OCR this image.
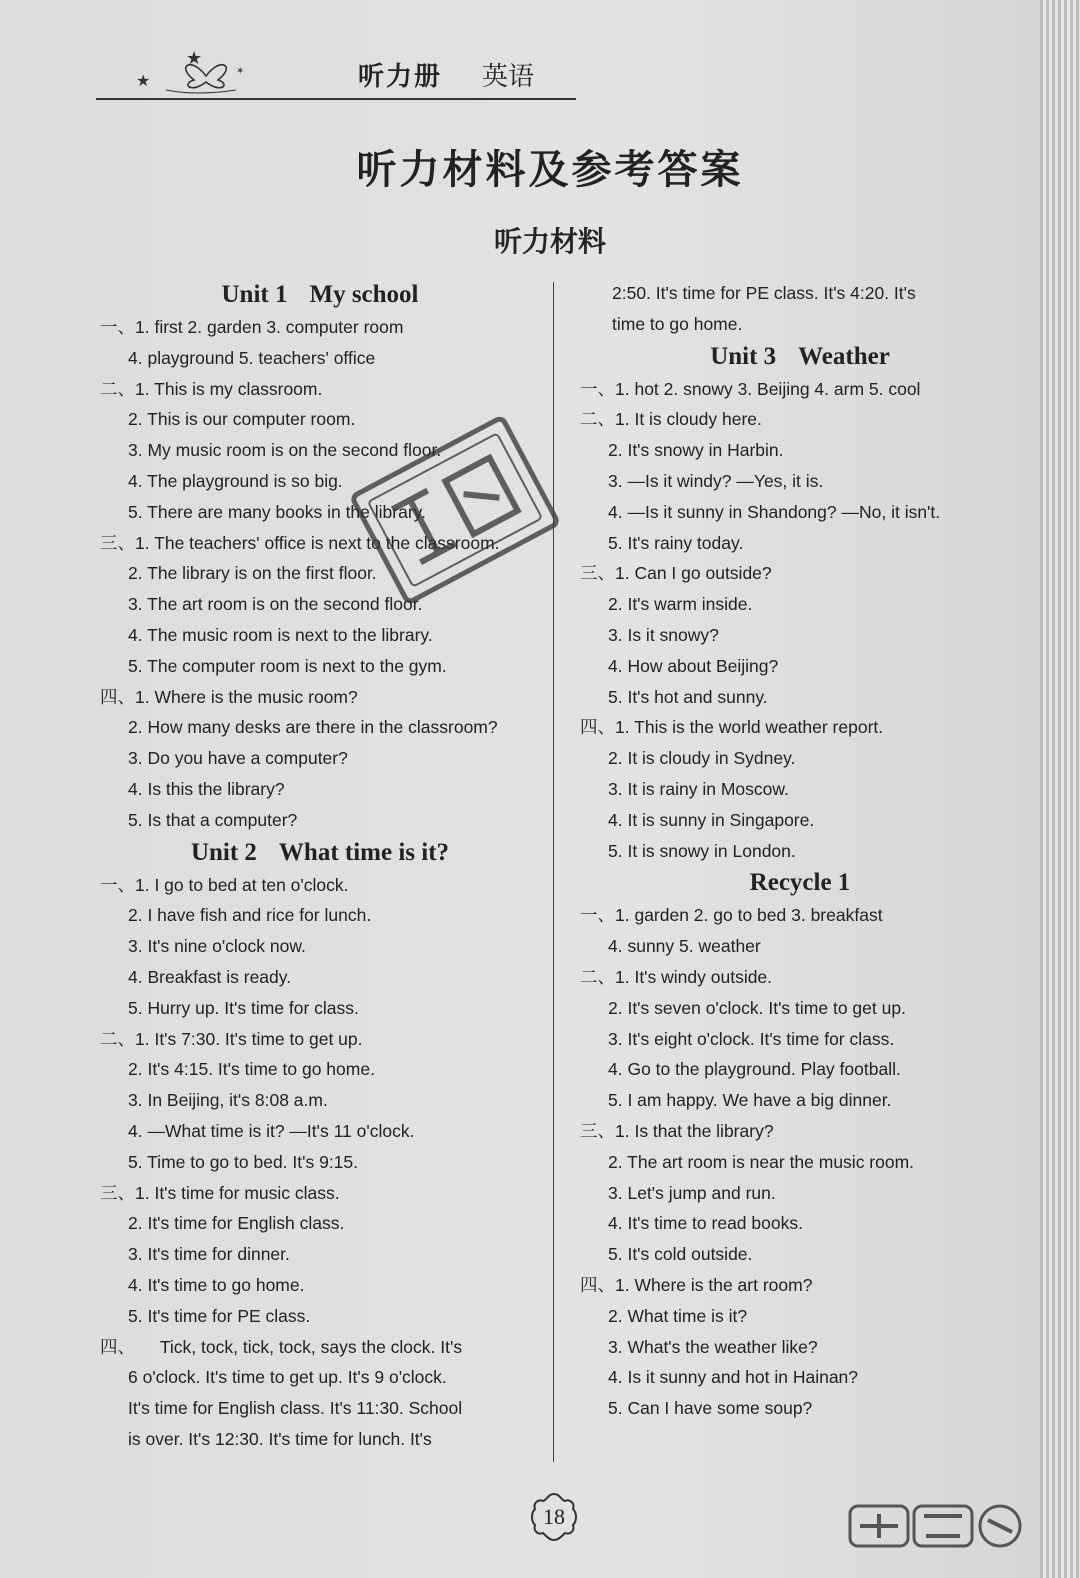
★
★
✶	听力册 英语
听力材料及参考答案
听力材料
Unit 1 My school
一、1. first 2. garden 3. computer room
4. playground 5. teachers' office
二、1. This is my classroom.
2. This is our computer room.
3. My music room is on the second floor.
4. The playground is so big.
5. There are many books in the library.
三、1. The teachers' office is next to the classroom.
2. The library is on the first floor.
3. The art room is on the second floor.
4. The music room is next to the library.
5. The computer room is next to the gym.
四、1. Where is the music room?
2. How many desks are there in the classroom?
3. Do you have a computer?
4. Is this the library?
5. Is that a computer?
Unit 2 What time is it?
一、1. I go to bed at ten o'clock.
2. I have fish and rice for lunch.
3. It's nine o'clock now.
4. Breakfast is ready.
5. Hurry up. It's time for class.
二、1. It's 7:30. It's time to get up.
2. It's 4:15. It's time to go home.
3. In Beijing, it's 8:08 a.m.
4. —What time is it? —It's 11 o'clock.
5. Time to go to bed. It's 9:15.
三、1. It's time for music class.
2. It's time for English class.
3. It's time for dinner.
4. It's time to go home.
5. It's time for PE class.
四、 Tick, tock, tick, tock, says the clock. It's
6 o'clock. It's time to get up. It's 9 o'clock.
It's time for English class. It's 11:30. School
is over. It's 12:30. It's time for lunch. It's
2:50. It's time for PE class. It's 4:20. It's
time to go home.
Unit 3 Weather
一、1. hot 2. snowy 3. Beijing 4. arm 5. cool
二、1. It is cloudy here.
2. It's snowy in Harbin.
3. —Is it windy? —Yes, it is.
4. —Is it sunny in Shandong? —No, it isn't.
5. It's rainy today.
三、1. Can I go outside?
2. It's warm inside.
3. Is it snowy?
4. How about Beijing?
5. It's hot and sunny.
四、1. This is the world weather report.
2. It is cloudy in Sydney.
3. It is rainy in Moscow.
4. It is sunny in Singapore.
5. It is snowy in London.
Recycle 1
一、1. garden 2. go to bed 3. breakfast
4. sunny 5. weather
二、1. It's windy outside.
2. It's seven o'clock. It's time to get up.
3. It's eight o'clock. It's time for class.
4. Go to the playground. Play football.
5. I am happy. We have a big dinner.
三、1. Is that the library?
2. The art room is near the music room.
3. Let's jump and run.
4. It's time to read books.
5. It's cold outside.
四、1. Where is the art room?
2. What time is it?
3. What's the weather like?
4. Is it sunny and hot in Hainan?
5. Can I have some soup?
18
